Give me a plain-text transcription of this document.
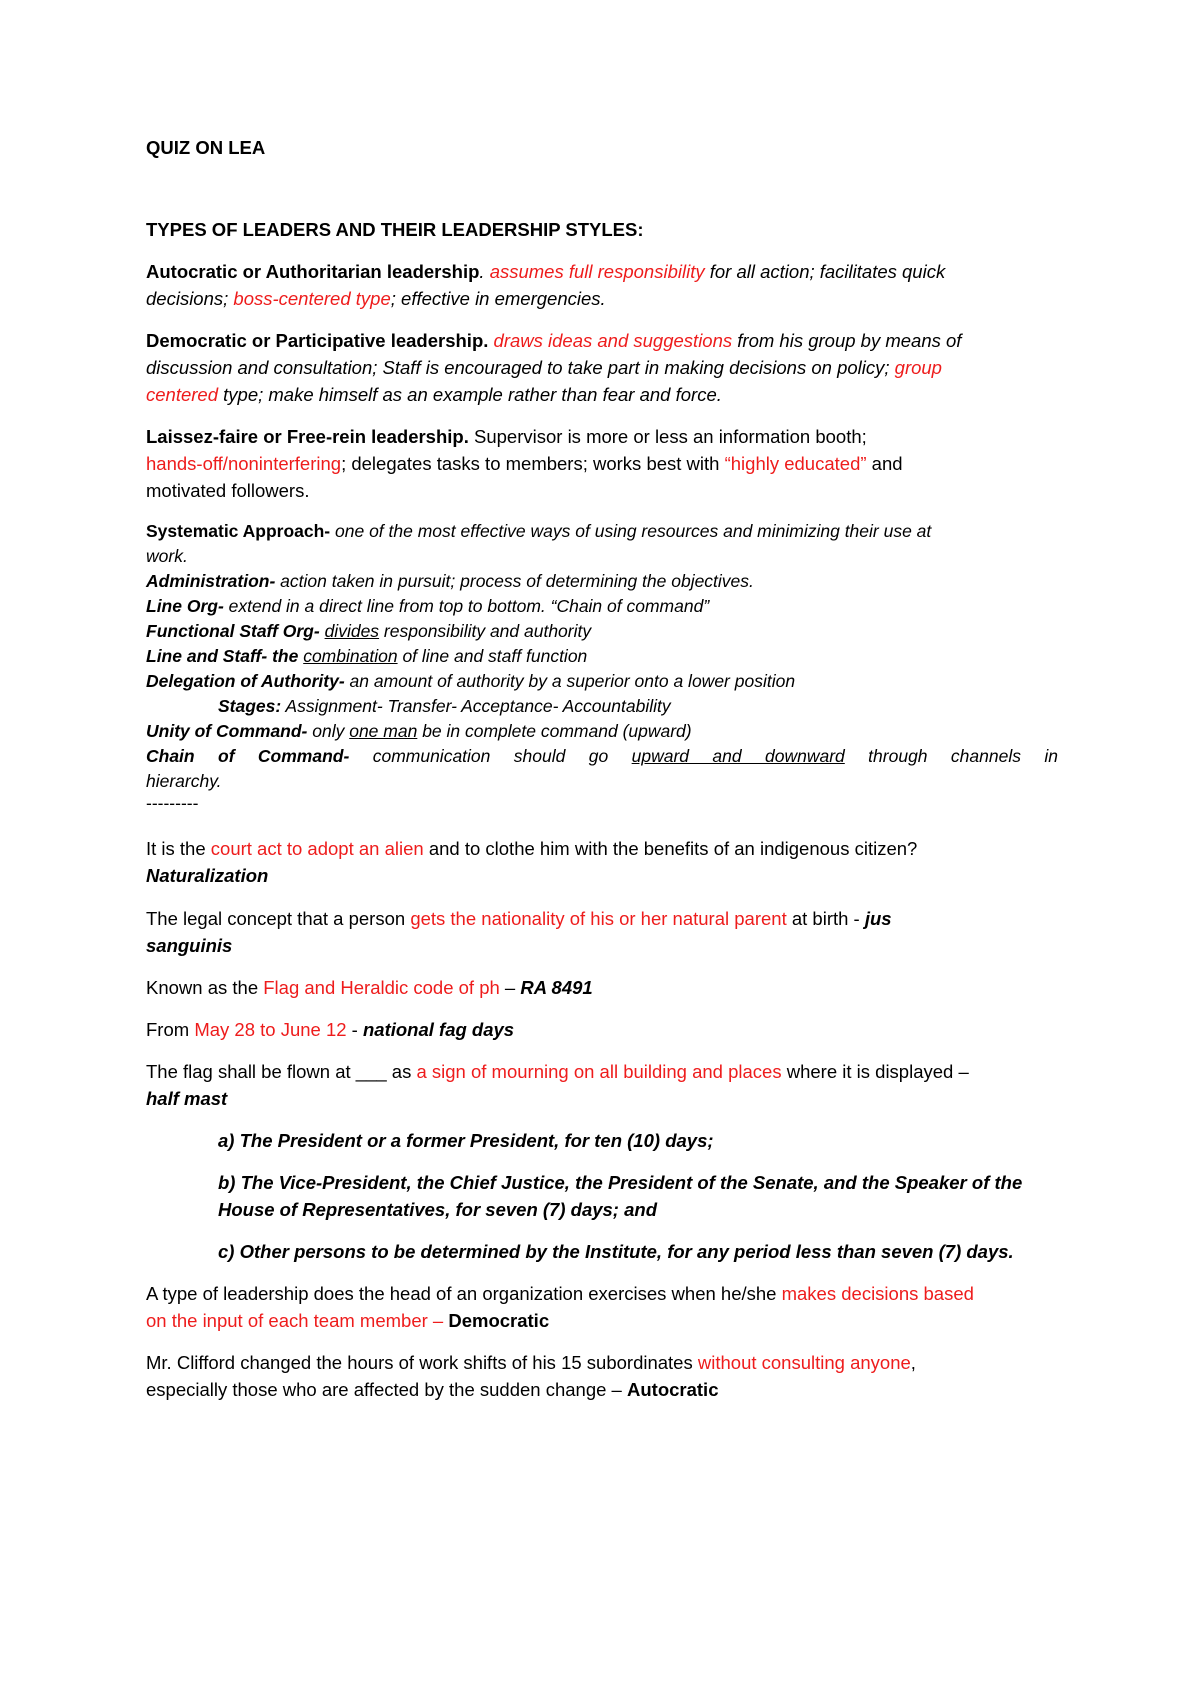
QUIZ ON LEA
TYPES OF LEADERS AND THEIR LEADERSHIP STYLES:
Autocratic or Authoritarian leadership. assumes full responsibility for all action; facilitates quick
decisions; boss-centered type; effective in emergencies.
Democratic or Participative leadership. draws ideas and suggestions from his group by means of
discussion and consultation; Staff is encouraged to take part in making decisions on policy; group
centered type; make himself as an example rather than fear and force.
Laissez-faire or Free-rein leadership. Supervisor is more or less an information booth;
hands-off/noninterfering; delegates tasks to members; works best with “highly educated” and
motivated followers.
Systematic Approach- one of the most effective ways of using resources and minimizing their use at
work.
Administration- action taken in pursuit; process of determining the objectives.
Line Org- extend in a direct line from top to bottom. “Chain of command”
Functional Staff Org- divides responsibility and authority
Line and Staff- the combination of line and staff function
Delegation of Authority- an amount of authority by a superior onto a lower position
Stages: Assignment- Transfer- Acceptance- Accountability
Unity of Command- only one man be in complete command (upward)
Chain of Command- communication should go upward and downward through channels in
hierarchy.
---------
It is the court act to adopt an alien and to clothe him with the benefits of an indigenous citizen?
Naturalization
The legal concept that a person gets the nationality of his or her natural parent at birth - jus
sanguinis
Known as the Flag and Heraldic code of ph – RA 8491
From May 28 to June 12 - national fag days
The flag shall be flown at ___ as a sign of mourning on all building and places where it is displayed –
half mast
a) The President or a former President, for ten (10) days;
b) The Vice-President, the Chief Justice, the President of the Senate, and the Speaker of the
House of Representatives, for seven (7) days; and
c) Other persons to be determined by the Institute, for any period less than seven (7) days.
A type of leadership does the head of an organization exercises when he/she makes decisions based
on the input of each team member – Democratic
Mr. Clifford changed the hours of work shifts of his 15 subordinates without consulting anyone,
especially those who are affected by the sudden change – Autocratic
